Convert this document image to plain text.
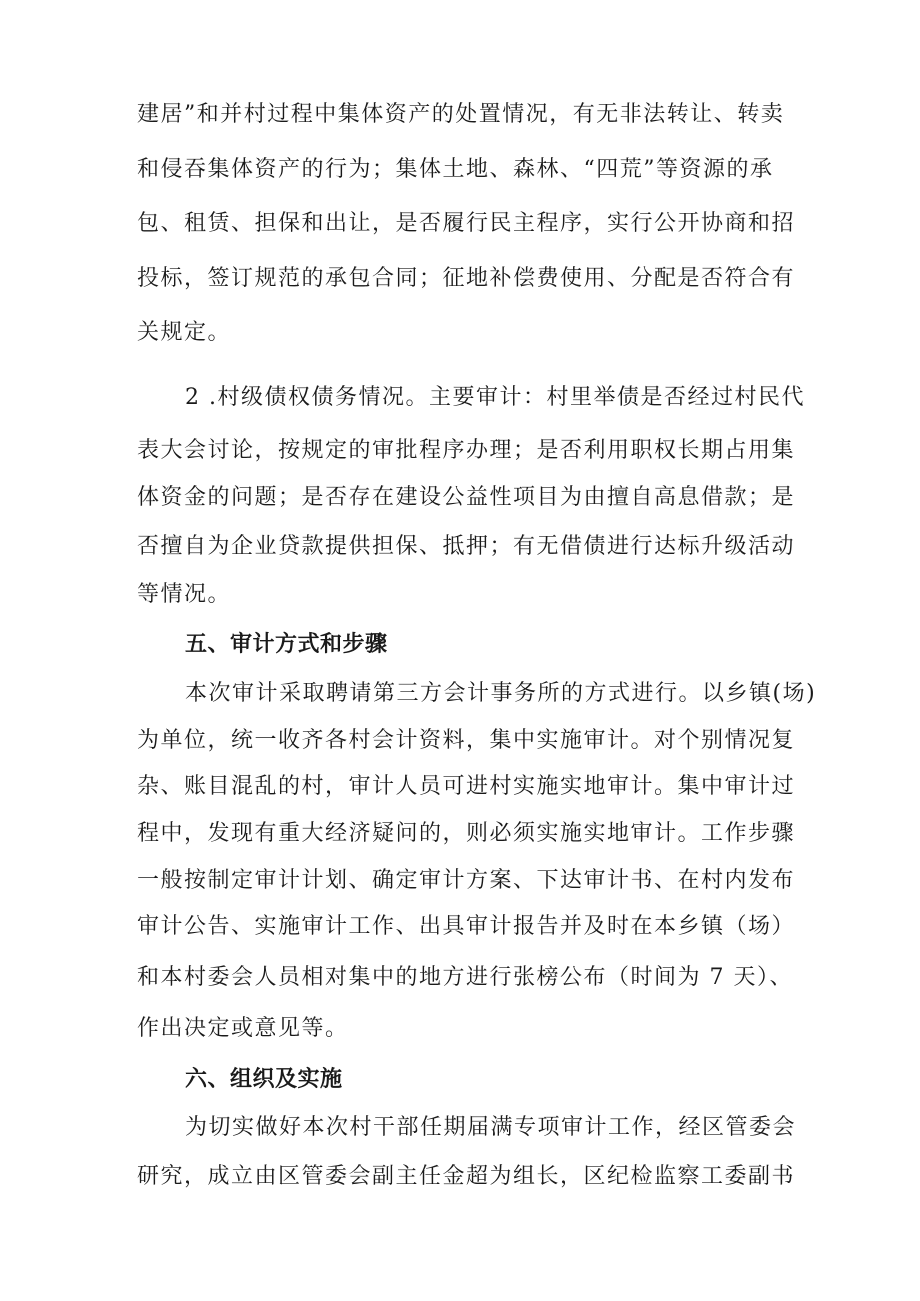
建居”和并村过程中集体资产的处置情况，有无非法转让、转卖
和侵吞集体资产的行为；集体土地、森林、“四荒”等资源的承
包、租赁、担保和出让，是否履行民主程序，实行公开协商和招
投标，签订规范的承包合同；征地补偿费使用、分配是否符合有
关规定。
2 .村级债权债务情况。主要审计：村里举债是否经过村民代
表大会讨论，按规定的审批程序办理；是否利用职权长期占用集
体资金的问题；是否存在建设公益性项目为由擅自高息借款；是
否擅自为企业贷款提供担保、抵押；有无借债进行达标升级活动
等情况。
五、审计方式和步骤
本次审计采取聘请第三方会计事务所的方式进行。以乡镇(场)
为单位，统一收齐各村会计资料，集中实施审计。对个别情况复
杂、账目混乱的村，审计人员可进村实施实地审计。集中审计过
程中，发现有重大经济疑问的，则必须实施实地审计。工作步骤
一般按制定审计计划、确定审计方案、下达审计书、在村内发布
审计公告、实施审计工作、出具审计报告并及时在本乡镇（场）
和本村委会人员相对集中的地方进行张榜公布（时间为 7 天）、
作出决定或意见等。
六、组织及实施
为切实做好本次村干部任期届满专项审计工作，经区管委会
研究，成立由区管委会副主任金超为组长，区纪检监察工委副书
